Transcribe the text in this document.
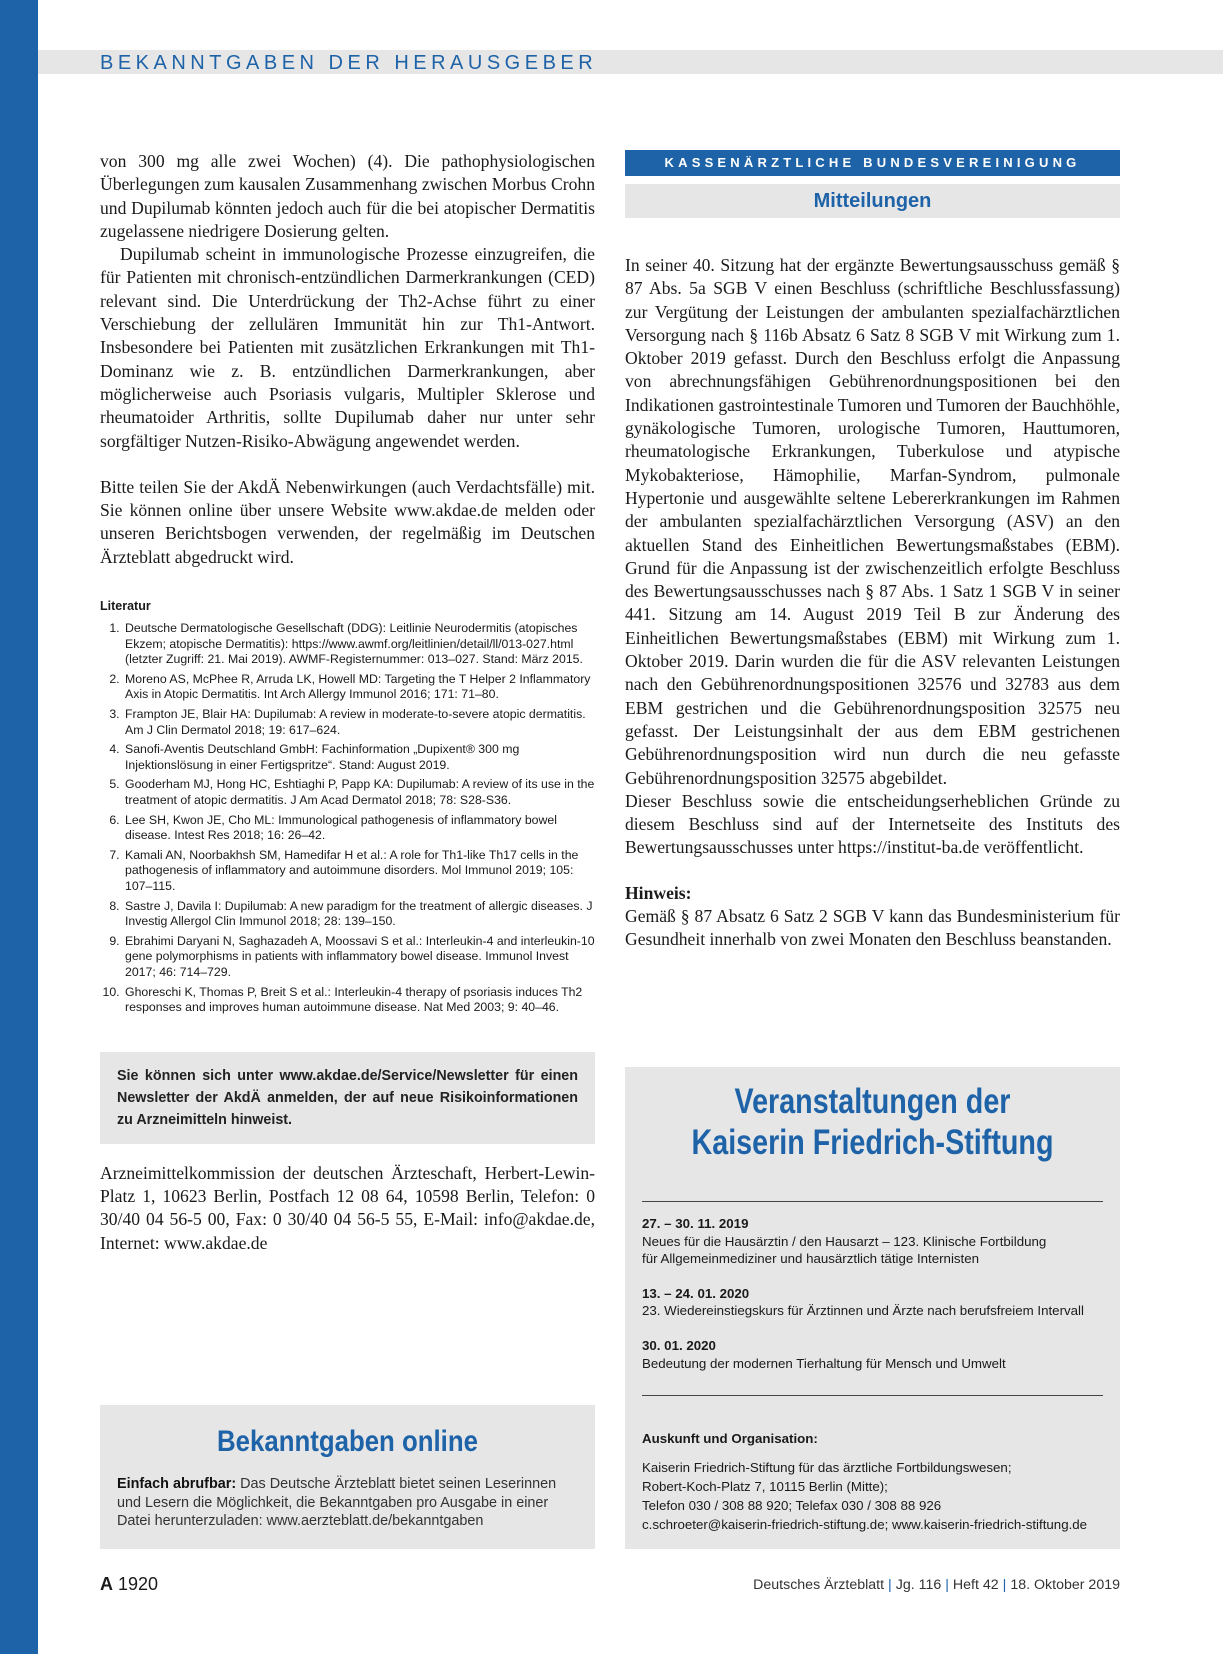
BEKANNTGABEN DER HERAUSGEBER

von 300 mg alle zwei Wochen) (4). Die pathophysiologischen Überlegungen zum kausalen Zusammenhang zwischen Morbus Crohn und Dupilumab könnten jedoch auch für die bei atopischer Dermatitis zugelassene niedrigere Dosierung gelten.

Dupilumab scheint in immunologische Prozesse einzugreifen, die für Patienten mit chronisch-entzündlichen Darmerkrankungen (CED) relevant sind. Die Unterdrückung der Th2-Achse führt zu einer Verschiebung der zellulären Immunität hin zur Th1-Antwort. Insbesondere bei Patienten mit zusätzlichen Erkrankungen mit Th1-Dominanz wie z. B. entzündlichen Darmerkrankungen, aber möglicherweise auch Psoriasis vulgaris, Multipler Sklerose und rheumatoider Arthritis, sollte Dupilumab daher nur unter sehr sorgfältiger Nutzen-Risiko-Abwägung angewendet werden.

Bitte teilen Sie der AkdÄ Nebenwirkungen (auch Verdachtsfälle) mit. Sie können online über unsere Website www.akdae.de melden oder unseren Berichtsbogen verwenden, der regelmäßig im Deutschen Ärzteblatt abgedruckt wird.

Literatur
1. Deutsche Dermatologische Gesellschaft (DDG): Leitlinie Neurodermitis (atopisches Ekzem; atopische Dermatitis): https://www.awmf.org/leitlinien/detail/ll/013-027.html (letzter Zugriff: 21. Mai 2019). AWMF-Registernummer: 013–027. Stand: März 2015.
2. Moreno AS, McPhee R, Arruda LK, Howell MD: Targeting the T Helper 2 Inflammatory Axis in Atopic Dermatitis. Int Arch Allergy Immunol 2016; 171: 71–80.
3. Frampton JE, Blair HA: Dupilumab: A review in moderate-to-severe atopic dermatitis. Am J Clin Dermatol 2018; 19: 617–624.
4. Sanofi-Aventis Deutschland GmbH: Fachinformation „Dupixent® 300 mg Injektionslösung in einer Fertigspritze“. Stand: August 2019.
5. Gooderham MJ, Hong HC, Eshtiaghi P, Papp KA: Dupilumab: A review of its use in the treatment of atopic dermatitis. J Am Acad Dermatol 2018; 78: S28-S36.
6. Lee SH, Kwon JE, Cho ML: Immunological pathogenesis of inflammatory bowel disease. Intest Res 2018; 16: 26–42.
7. Kamali AN, Noorbakhsh SM, Hamedifar H et al.: A role for Th1-like Th17 cells in the pathogenesis of inflammatory and autoimmune disorders. Mol Immunol 2019; 105: 107–115.
8. Sastre J, Davila I: Dupilumab: A new paradigm for the treatment of allergic diseases. J Investig Allergol Clin Immunol 2018; 28: 139–150.
9. Ebrahimi Daryani N, Saghazadeh A, Moossavi S et al.: Interleukin-4 and interleukin-10 gene polymorphisms in patients with inflammatory bowel disease. Immunol Invest 2017; 46: 714–729.
10. Ghoreschi K, Thomas P, Breit S et al.: Interleukin-4 therapy of psoriasis induces Th2 responses and improves human autoimmune disease. Nat Med 2003; 9: 40–46.
Sie können sich unter www.akdae.de/Service/Newsletter für einen Newsletter der AkdÄ anmelden, der auf neue Risikoinformationen zu Arzneimitteln hinweist.

Arzneimittelkommission der deutschen Ärzteschaft, Herbert-Lewin-Platz 1, 10623 Berlin, Postfach 12 08 64, 10598 Berlin, Telefon: 0 30/40 04 56-5 00, Fax: 0 30/40 04 56-5 55, E-Mail: info@akdae.de, Internet: www.akdae.de

Bekanntgaben online
Einfach abrufbar: Das Deutsche Ärzteblatt bietet seinen Leserinnen und Lesern die Möglichkeit, die Bekanntgaben pro Ausgabe in einer Datei herunterzuladen: www.aerzteblatt.de/bekanntgaben
KASSENÄRZTLICHE BUNDESVEREINIGUNG
Mitteilungen

In seiner 40. Sitzung hat der ergänzte Bewertungsausschuss gemäß § 87 Abs. 5a SGB V einen Beschluss (schriftliche Beschlussfassung) zur Vergütung der Leistungen der ambulanten spezialfachärztlichen Versorgung nach § 116b Absatz 6 Satz 8 SGB V mit Wirkung zum 1. Oktober 2019 gefasst. Durch den Beschluss erfolgt die Anpassung von abrechnungsfähigen Gebührenordnungspositionen bei den Indikationen gastrointestinale Tumoren und Tumoren der Bauchhöhle, gynäkologische Tumoren, urologische Tumoren, Hauttumoren, rheumatologische Erkrankungen, Tuberkulose und atypische Mykobakteriose, Hämophilie, Marfan-Syndrom, pulmonale Hypertonie und ausgewählte seltene Lebererkrankungen im Rahmen der ambulanten spezialfachärztlichen Versorgung (ASV) an den aktuellen Stand des Einheitlichen Bewertungsmaßstabes (EBM). Grund für die Anpassung ist der zwischenzeitlich erfolgte Beschluss des Bewertungsausschusses nach § 87 Abs. 1 Satz 1 SGB V in seiner 441. Sitzung am 14. August 2019 Teil B zur Änderung des Einheitlichen Bewertungsmaßstabes (EBM) mit Wirkung zum 1. Oktober 2019. Darin wurden die für die ASV relevanten Leistungen nach den Gebührenordnungspositionen 32576 und 32783 aus dem EBM gestrichen und die Gebührenordnungsposition 32575 neu gefasst. Der Leistungsinhalt der aus dem EBM gestrichenen Gebührenordnungsposition wird nun durch die neu gefasste Gebührenordnungsposition 32575 abgebildet.

Dieser Beschluss sowie die entscheidungserheblichen Gründe zu diesem Beschluss sind auf der Internetseite des Instituts des Bewertungsausschusses unter https://institut-ba.de veröffentlicht.

Hinweis:

Gemäß § 87 Absatz 6 Satz 2 SGB V kann das Bundesministerium für Gesundheit innerhalb von zwei Monaten den Beschluss beanstanden.

Veranstaltungen der
Kaiserin Friedrich-Stiftung
27. – 30. 11. 2019
Neues für die Hausärztin / den Hausarzt – 123. Klinische Fortbildung
für Allgemeinmediziner und hausärztlich tätige Internisten
13. – 24. 01. 2020
23. Wiedereinstiegskurs für Ärztinnen und Ärzte nach berufsfreiem Intervall
30. 01. 2020
Bedeutung der modernen Tierhaltung für Mensch und Umwelt
Auskunft und Organisation:
Kaiserin Friedrich-Stiftung für das ärztliche Fortbildungswesen;
Robert-Koch-Platz 7, 10115 Berlin (Mitte);
Telefon 030 / 308 88 920; Telefax 030 / 308 88 926
c.schroeter@kaiserin-friedrich-stiftung.de; www.kaiserin-friedrich-stiftung.de
A 1920	Deutsches Ärzteblatt | Jg. 116 | Heft 42 | 18. Oktober 2019
